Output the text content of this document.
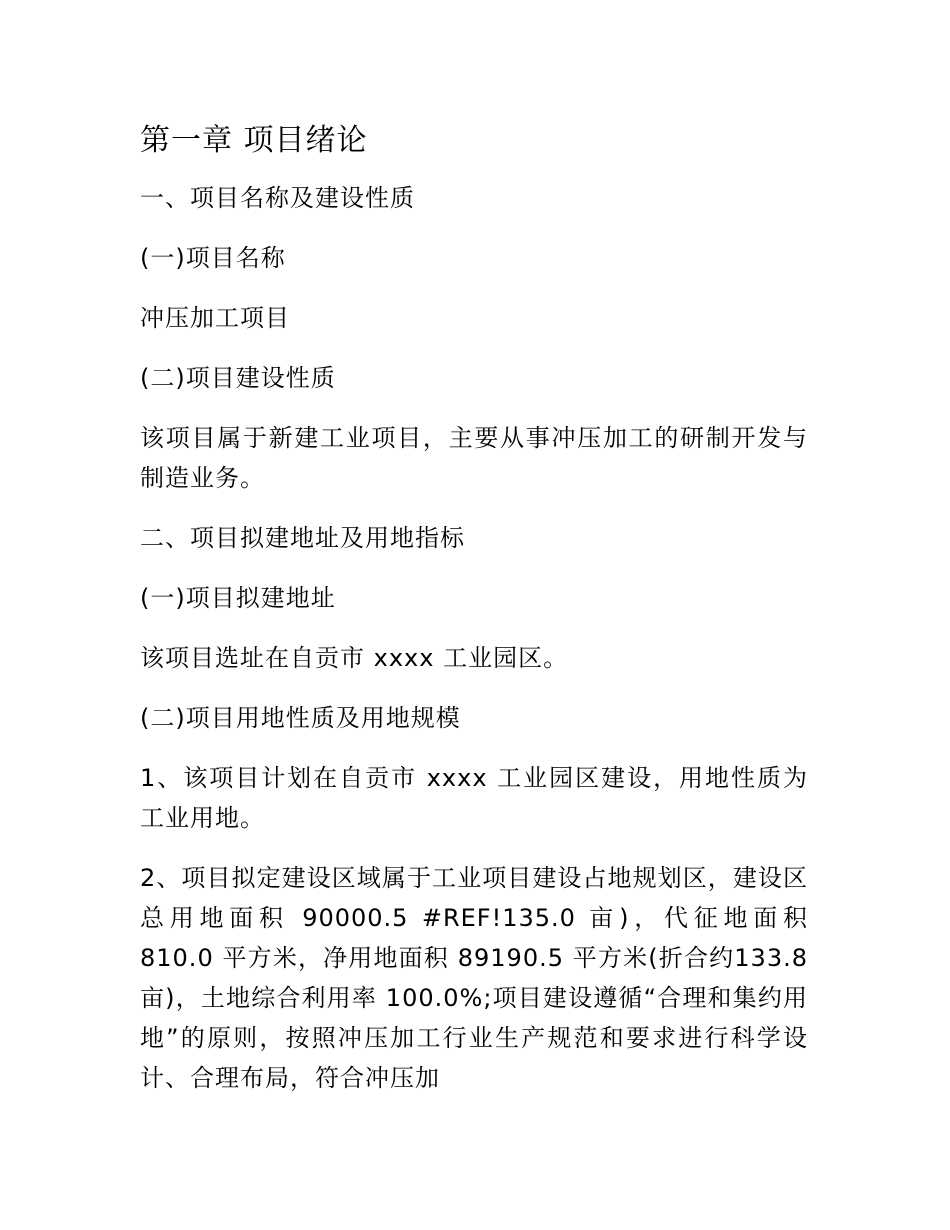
第一章 项目绪论
一、项目名称及建设性质
(一)项目名称
冲压加工项目
(二)项目建设性质
该项目属于新建工业项目，主要从事冲压加工的研制开发与制造业务。
二、项目拟建地址及用地指标
(一)项目拟建地址
该项目选址在自贡市 xxxx 工业园区。
(二)项目用地性质及用地规模
1、该项目计划在自贡市 xxxx 工业园区建设，用地性质为工业用地。
2、项目拟定建设区域属于工业项目建设占地规划区，建设区总用地面积 90000.5 #REF!135.0 亩)，代征地面积 810.0 平方米，净用地面积 89190.5 平方米(折合约133.8 亩)，土地综合利用率 100.0%;项目建设遵循“合理和集约用地”的原则，按照冲压加工行业生产规范和要求进行科学设计、合理布局，符合冲压加
